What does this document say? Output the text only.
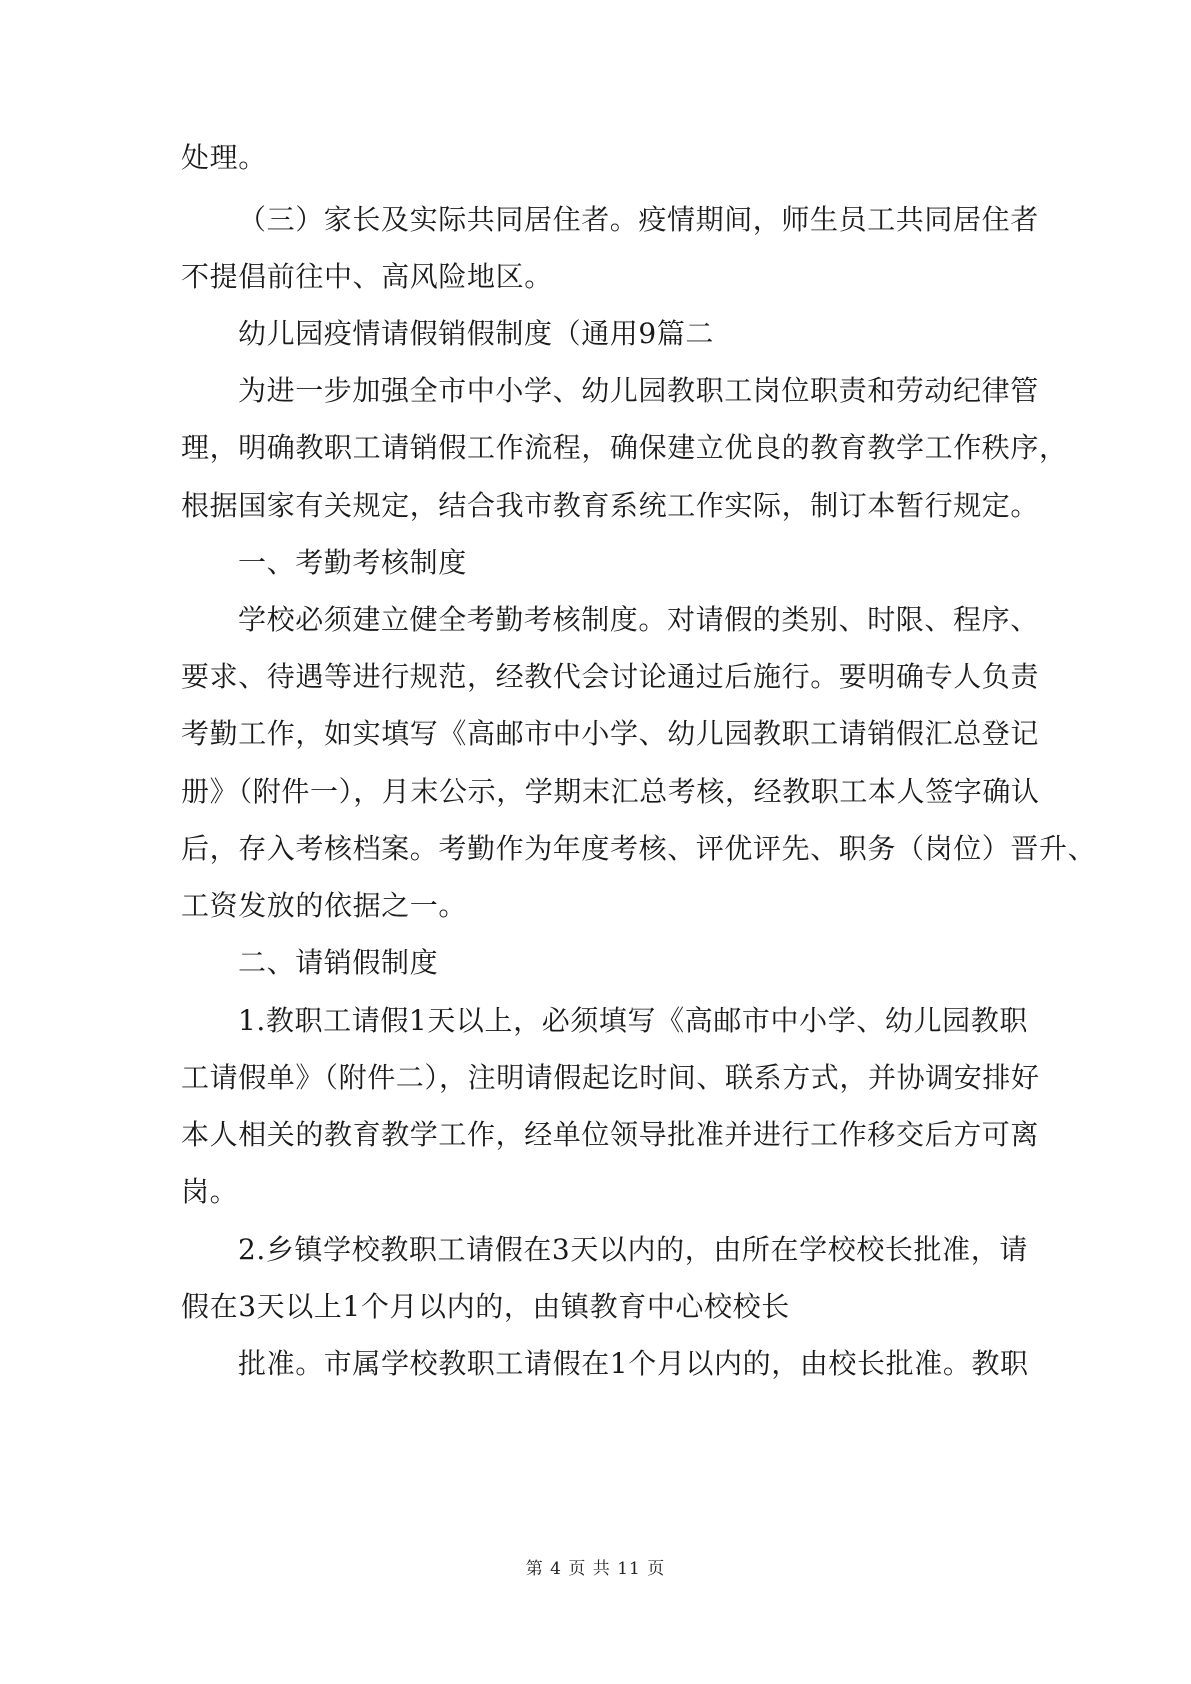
处理。
（三）家长及实际共同居住者。疫情期间，师生员工共同居住者
不提倡前往中、高风险地区。
幼儿园疫情请假销假制度（通用9篇二
为进一步加强全市中小学、幼儿园教职工岗位职责和劳动纪律管
理，明确教职工请销假工作流程，确保建立优良的教育教学工作秩序，
根据国家有关规定，结合我市教育系统工作实际，制订本暂行规定。
一、考勤考核制度
学校必须建立健全考勤考核制度。对请假的类别、时限、程序、
要求、待遇等进行规范，经教代会讨论通过后施行。要明确专人负责
考勤工作，如实填写《高邮市中小学、幼儿园教职工请销假汇总登记
册》（附件一），月末公示，学期末汇总考核，经教职工本人签字确认
后，存入考核档案。考勤作为年度考核、评优评先、职务（岗位）晋升、
工资发放的依据之一。
二、请销假制度
1.教职工请假1天以上，必须填写《高邮市中小学、幼儿园教职
工请假单》（附件二），注明请假起讫时间、联系方式，并协调安排好
本人相关的教育教学工作，经单位领导批准并进行工作移交后方可离
岗。
2.乡镇学校教职工请假在3天以内的，由所在学校校长批准，请
假在3天以上1个月以内的，由镇教育中心校校长
批准。市属学校教职工请假在1个月以内的，由校长批准。教职
第 4 页 共 11 页
